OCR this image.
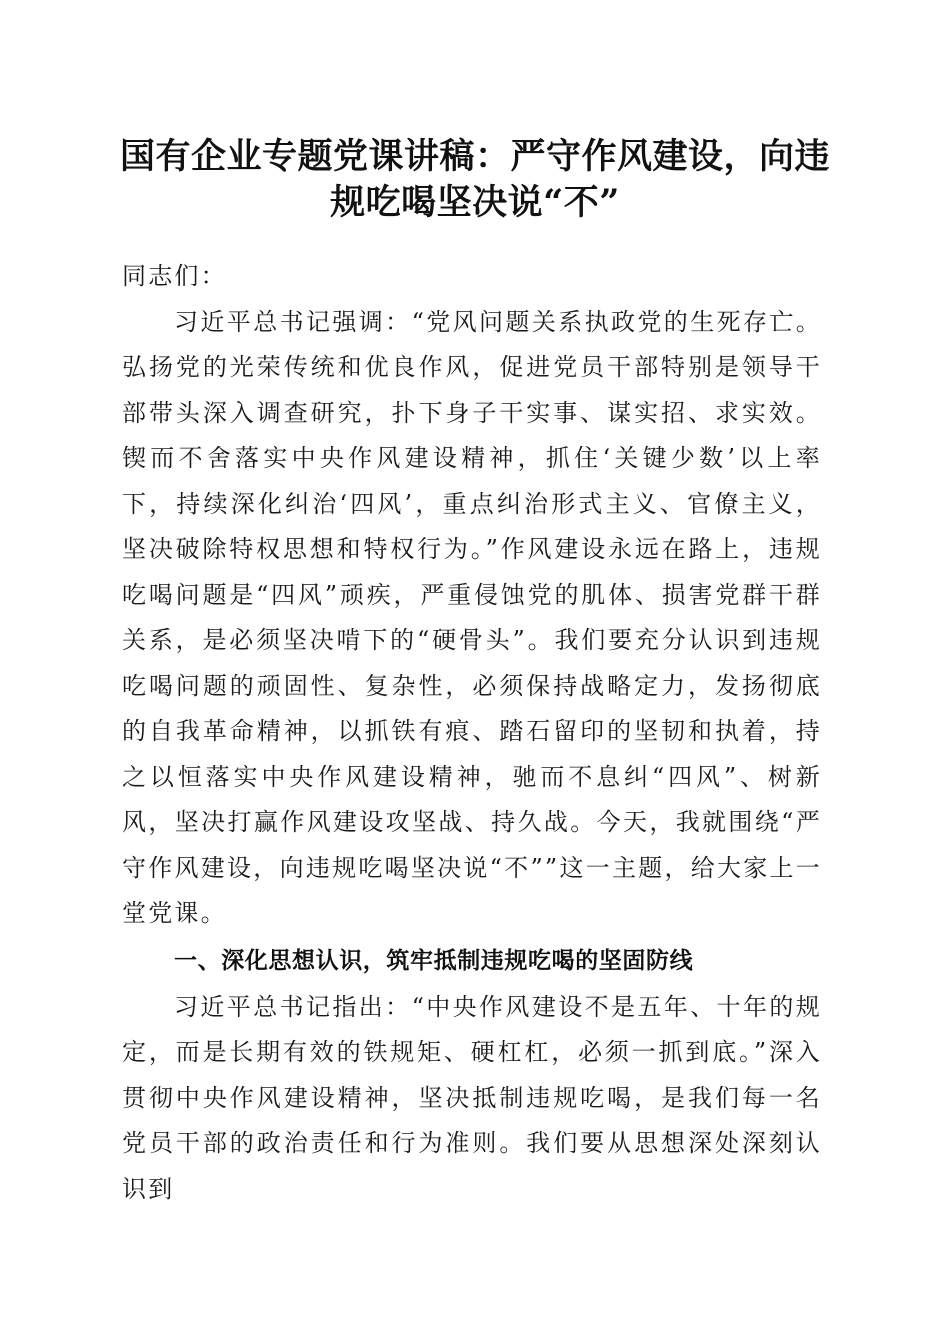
国有企业专题党课讲稿：严守作风建设，向违
规吃喝坚决说“不”

同志们：

习近平总书记强调：“党风问题关系执政党的生死存亡。弘扬党的光荣传统和优良作风，促进党员干部特别是领导干部带头深入调查研究，扑下身子干实事、谋实招、求实效。锲而不舍落实中央作风建设精神，抓住‘关键少数’以上率下，持续深化纠治‘四风’，重点纠治形式主义、官僚主义，坚决破除特权思想和特权行为。”作风建设永远在路上，违规吃喝问题是“四风”顽疾，严重侵蚀党的肌体、损害党群干群关系，是必须坚决啃下的“硬骨头”。我们要充分认识到违规吃喝问题的顽固性、复杂性，必须保持战略定力，发扬彻底的自我革命精神，以抓铁有痕、踏石留印的坚韧和执着，持之以恒落实中央作风建设精神，驰而不息纠“四风”、树新风，坚决打赢作风建设攻坚战、持久战。今天，我就围绕“严守作风建设，向违规吃喝坚决说“不””这一主题，给大家上一堂党课。

一、深化思想认识，筑牢抵制违规吃喝的坚固防线

习近平总书记指出：“中央作风建设不是五年、十年的规定，而是长期有效的铁规矩、硬杠杠，必须一抓到底。”深入贯彻中央作风建设精神，坚决抵制违规吃喝，是我们每一名党员干部的政治责任和行为准则。我们要从思想深处深刻认识到
